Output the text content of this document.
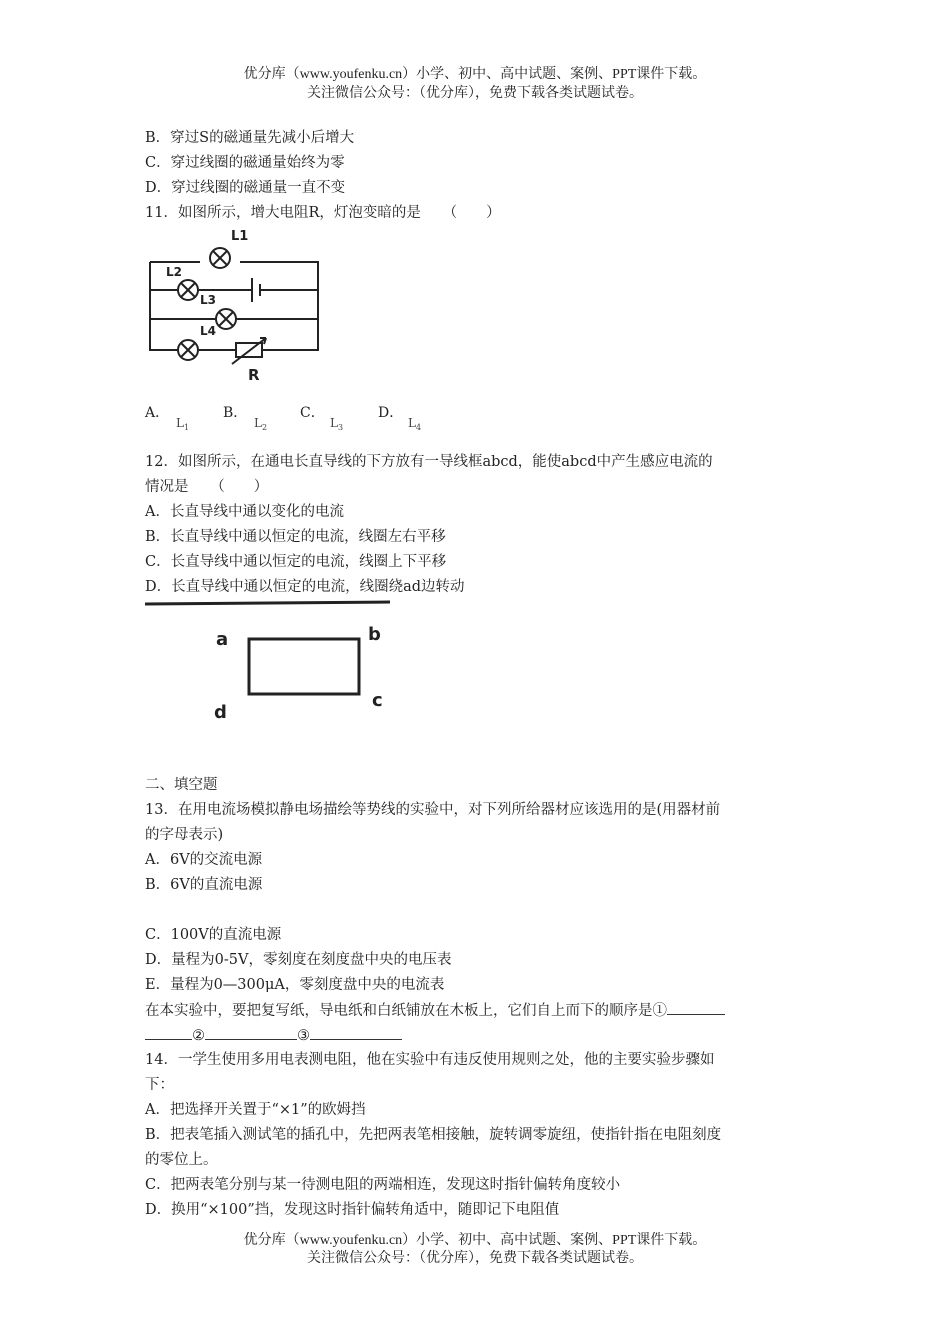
优分库（www.youfenku.cn）小学、初中、高中试题、案例、PPT课件下载。
关注微信公众号：（优分库），免费下载各类试题试卷。
B．穿过S的磁通量先减小后增大
C．穿过线圈的磁通量始终为零
D．穿过线圈的磁通量一直不变
11．如图所示，增大电阻R，灯泡变暗的是　　（　　）
L1
L2
L3
L4
R
A．
$L_1$
B．
$L_2$
C．
$L_3$
D．
$L_4$
12．如图所示，在通电长直导线的下方放有一导线框abcd，能使abcd中产生感应电流的
情况是　　（　　）
A．长直导线中通以变化的电流
B．长直导线中通以恒定的电流，线圈左右平移
C．长直导线中通以恒定的电流，线圈上下平移
D．长直导线中通以恒定的电流，线圈绕ad边转动
a	b
c
d
二、填空题
13．在用电流场模拟静电场描绘等势线的实验中，对下列所给器材应该选用的是(用器材前
的字母表示)
A．6V的交流电源
B．6V的直流电源
C．100V的直流电源
D．量程为0-5V，零刻度在刻度盘中央的电压表
E．量程为0—300μA，零刻度盘中央的电流表
在本实验中，要把复写纸，导电纸和白纸铺放在木板上，它们自上而下的顺序是①
②	③
14．一学生使用多用电表测电阻，他在实验中有违反使用规则之处，他的主要实验步骤如
下：
A．把选择开关置于“×1”的欧姆挡
B．把表笔插入测试笔的插孔中，先把两表笔相接触，旋转调零旋纽，使指针指在电阻刻度
的零位上。
C．把两表笔分别与某一待测电阻的两端相连，发现这时指针偏转角度较小
D．换用“×100”挡，发现这时指针偏转角适中，随即记下电阻值
优分库（www.youfenku.cn）小学、初中、高中试题、案例、PPT课件下载。
关注微信公众号：（优分库），免费下载各类试题试卷。
